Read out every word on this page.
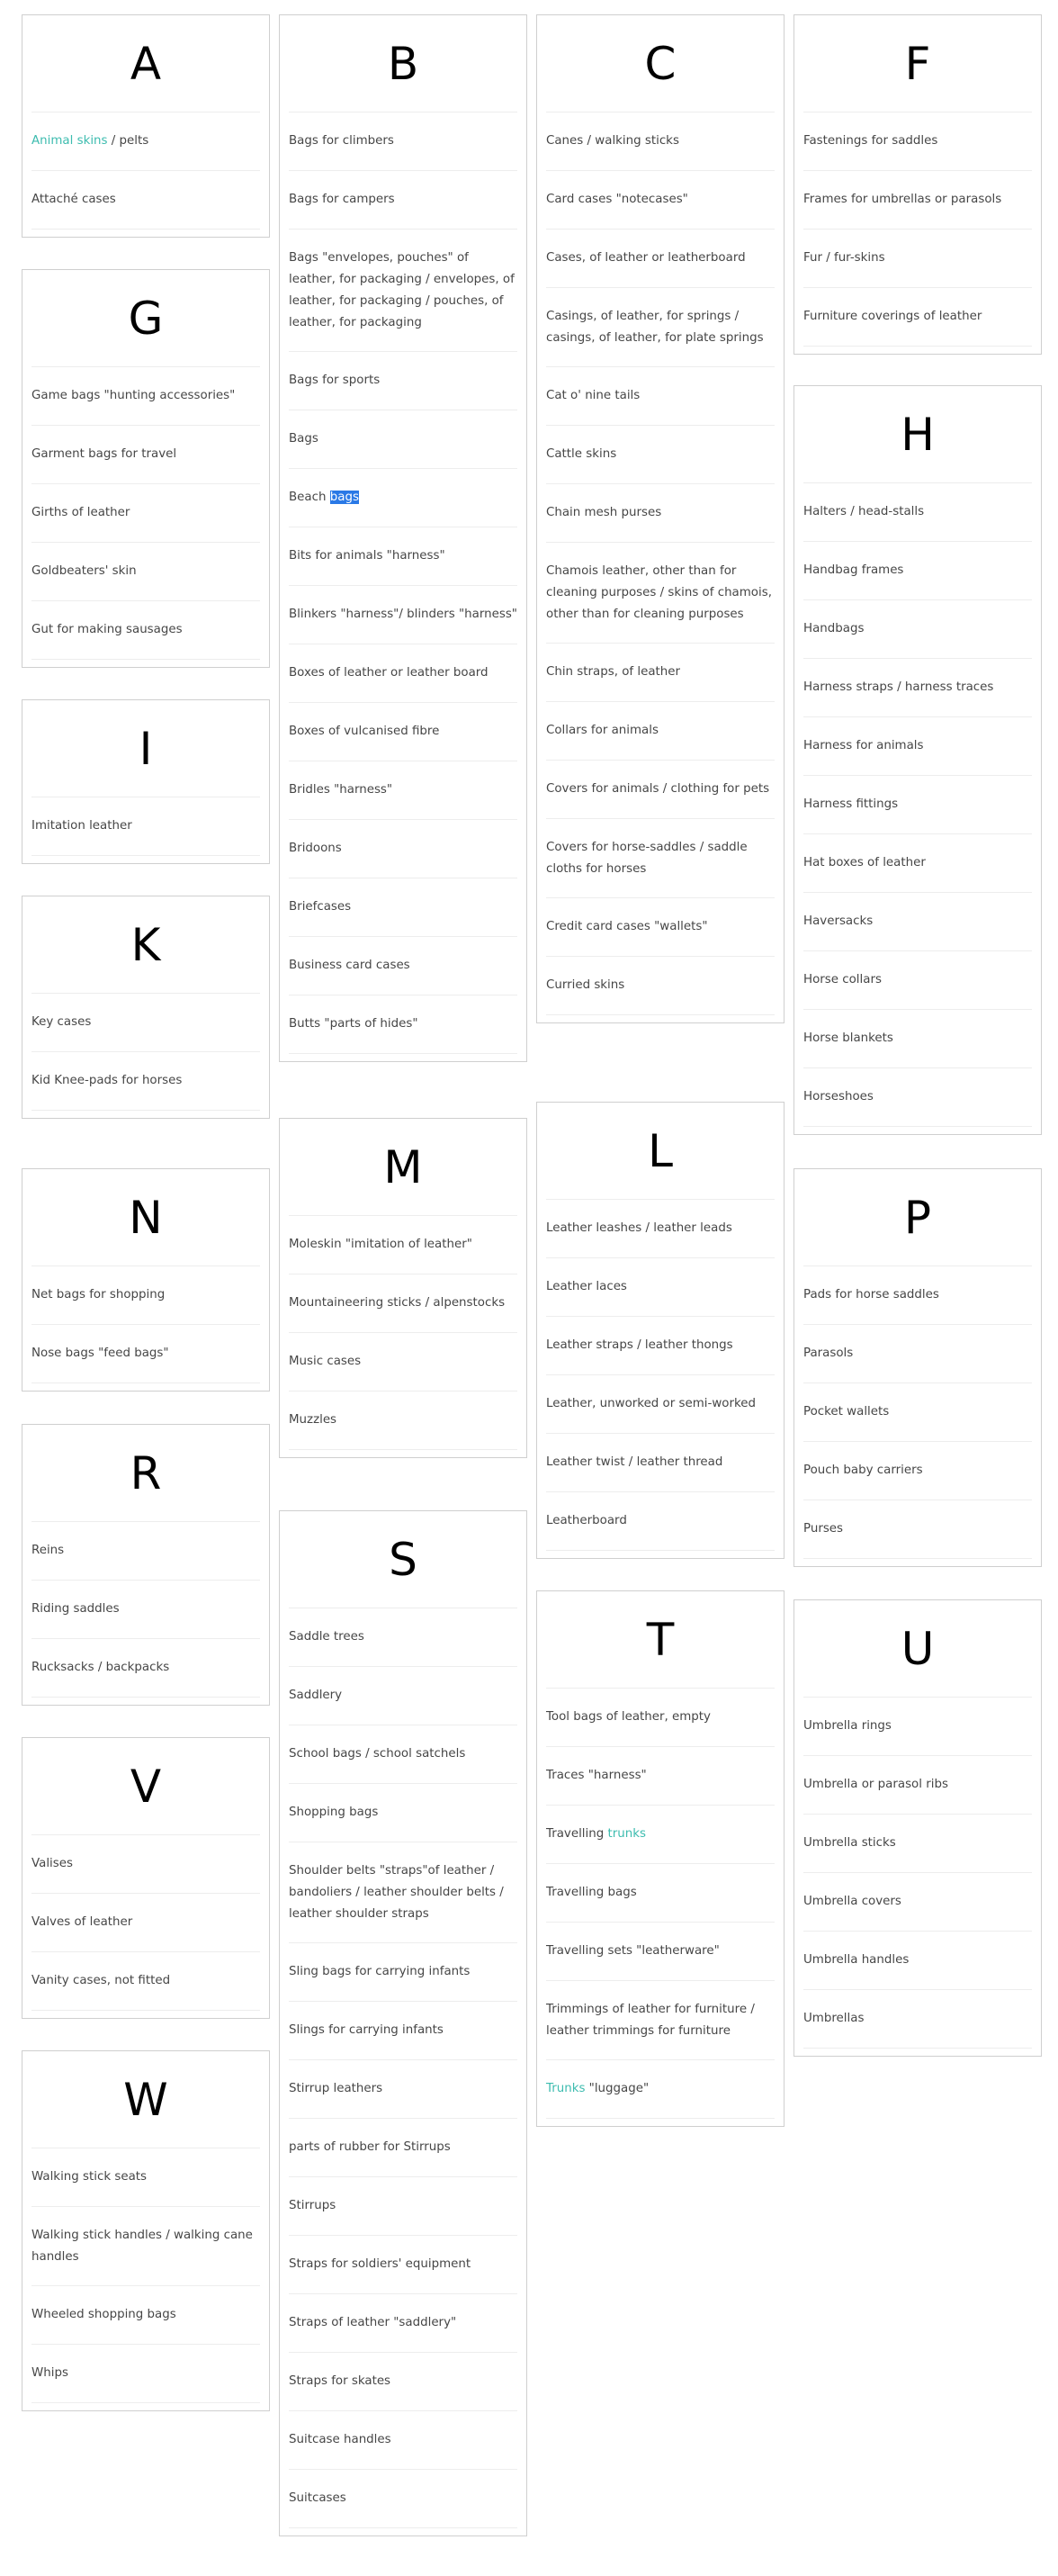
A
Animal skins / pelts
Attaché cases
G
Game bags "hunting accessories"
Garment bags for travel
Girths of leather
Goldbeaters' skin
Gut for making sausages
I
Imitation leather
K
Key cases
Kid Knee-pads for horses
N
Net bags for shopping
Nose bags "feed bags"
R
Reins
Riding saddles
Rucksacks / backpacks
V
Valises
Valves of leather
Vanity cases, not fitted
W
Walking stick seats
Walking stick handles / walking cane handles
Wheeled shopping bags
Whips
B
Bags for climbers
Bags for campers
Bags "envelopes, pouches" of leather, for packaging / envelopes, of leather, for packaging / pouches, of leather, for packaging
Bags for sports
Bags
Beach bags
Bits for animals "harness"
Blinkers "harness"/ blinders "harness"
Boxes of leather or leather board
Boxes of vulcanised fibre
Bridles "harness"
Bridoons
Briefcases
Business card cases
Butts "parts of hides"
M
Moleskin "imitation of leather"
Mountaineering sticks / alpenstocks
Music cases
Muzzles
S
Saddle trees
Saddlery
School bags / school satchels
Shopping bags
Shoulder belts "straps"of leather / bandoliers / leather shoulder belts / leather shoulder straps
Sling bags for carrying infants
Slings for carrying infants
Stirrup leathers
parts of rubber for Stirrups
Stirrups
Straps for soldiers' equipment
Straps of leather "saddlery"
Straps for skates
Suitcase handles
Suitcases
C
Canes / walking sticks
Card cases "notecases"
Cases, of leather or leatherboard
Casings, of leather, for springs / casings, of leather, for plate springs
Cat o' nine tails
Cattle skins
Chain mesh purses
Chamois leather, other than for cleaning purposes / skins of chamois, other than for cleaning purposes
Chin straps, of leather
Collars for animals
Covers for animals / clothing for pets
Covers for horse-saddles / saddle cloths for horses
Credit card cases "wallets"
Curried skins
L
Leather leashes / leather leads
Leather laces
Leather straps / leather thongs
Leather, unworked or semi-worked
Leather twist / leather thread
Leatherboard
T
Tool bags of leather, empty
Traces "harness"
Travelling trunks
Travelling bags
Travelling sets "leatherware"
Trimmings of leather for furniture / leather trimmings for furniture
Trunks "luggage"
F
Fastenings for saddles
Frames for umbrellas or parasols
Fur / fur-skins
Furniture coverings of leather
H
Halters / head-stalls
Handbag frames
Handbags
Harness straps / harness traces
Harness for animals
Harness fittings
Hat boxes of leather
Haversacks
Horse collars
Horse blankets
Horseshoes
P
Pads for horse saddles
Parasols
Pocket wallets
Pouch baby carriers
Purses
U
Umbrella rings
Umbrella or parasol ribs
Umbrella sticks
Umbrella covers
Umbrella handles
Umbrellas
